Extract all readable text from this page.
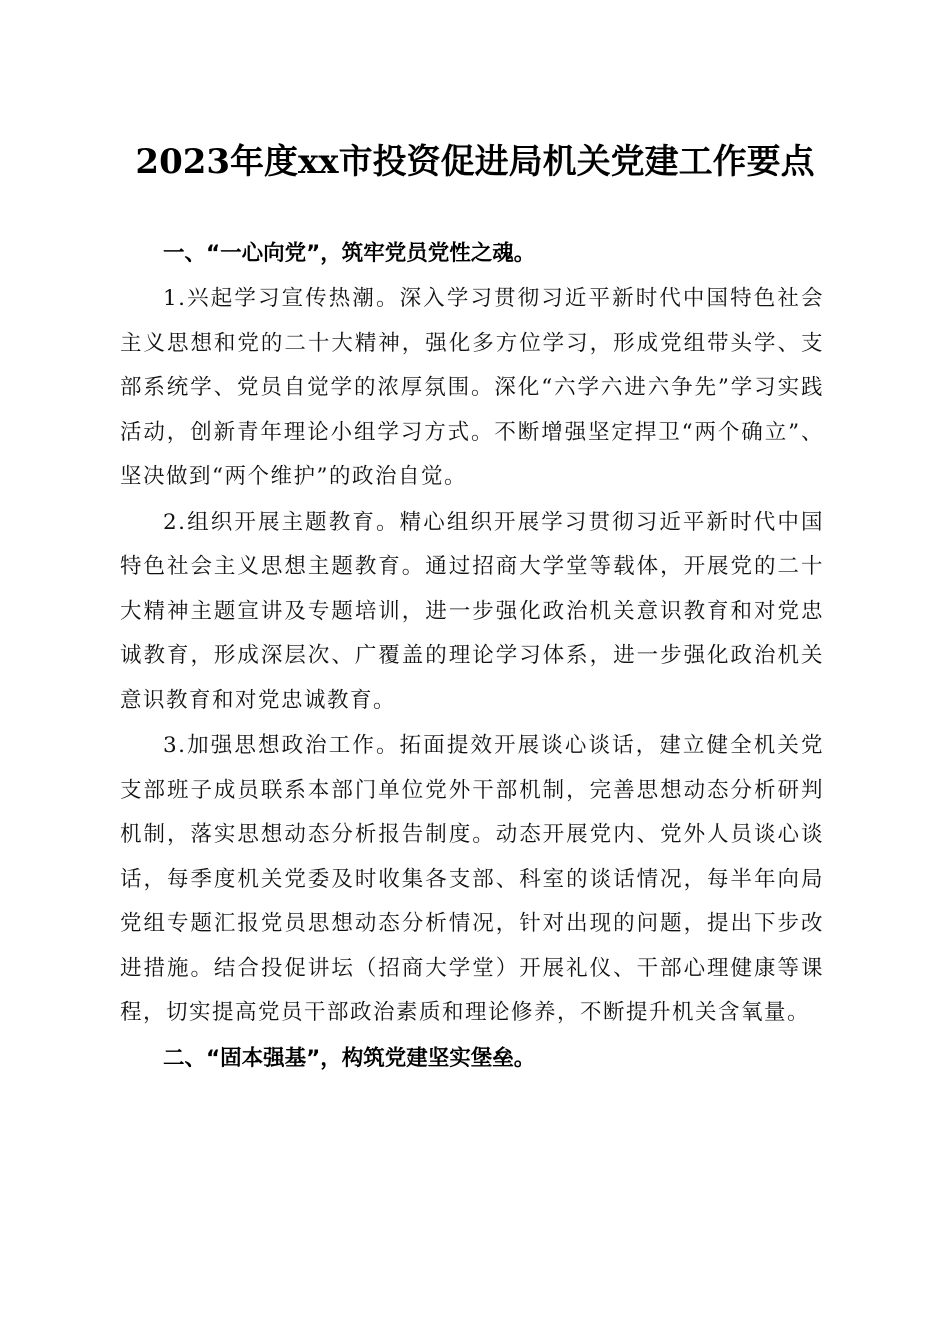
2023年度xx市投资促进局机关党建工作要点

一、“一心向党”，筑牢党员党性之魂。

1.兴起学习宣传热潮。深入学习贯彻习近平新时代中国特色社会主义思想和党的二十大精神，强化多方位学习，形成党组带头学、支部系统学、党员自觉学的浓厚氛围。深化“六学六进六争先”学习实践活动，创新青年理论小组学习方式。不断增强坚定捍卫“两个确立”、坚决做到“两个维护”的政治自觉。

2.组织开展主题教育。精心组织开展学习贯彻习近平新时代中国特色社会主义思想主题教育。通过招商大学堂等载体，开展党的二十大精神主题宣讲及专题培训，进一步强化政治机关意识教育和对党忠诚教育，形成深层次、广覆盖的理论学习体系，进一步强化政治机关意识教育和对党忠诚教育。

3.加强思想政治工作。拓面提效开展谈心谈话，建立健全机关党支部班子成员联系本部门单位党外干部机制，完善思想动态分析研判机制，落实思想动态分析报告制度。动态开展党内、党外人员谈心谈话，每季度机关党委及时收集各支部、科室的谈话情况，每半年向局党组专题汇报党员思想动态分析情况，针对出现的问题，提出下步改进措施。结合投促讲坛（招商大学堂）开展礼仪、干部心理健康等课程，切实提高党员干部政治素质和理论修养，不断提升机关含氧量。

二、“固本强基”，构筑党建坚实堡垒。
